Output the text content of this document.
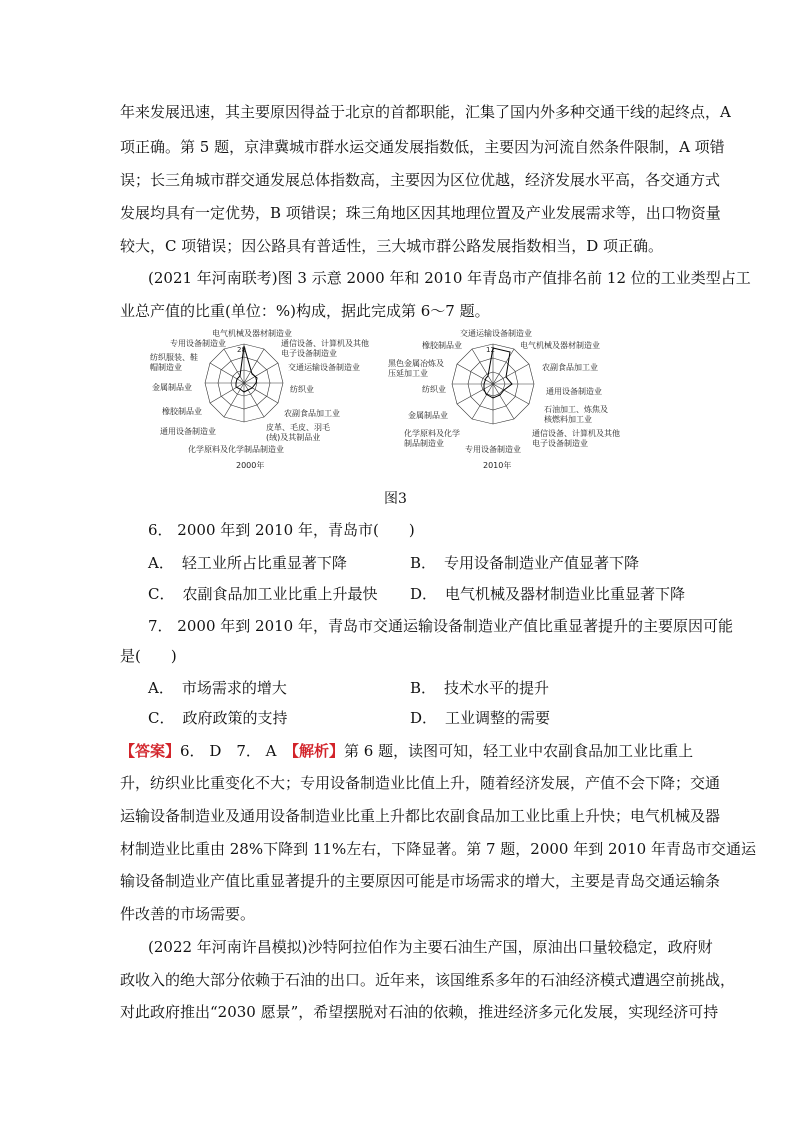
年来发展迅速，其主要原因得益于北京的首都职能，汇集了国内外多种交通干线的起终点，A
项正确。第 5 题，京津冀城市群水运交通发展指数低，主要因为河流自然条件限制，A 项错
误；长三角城市群交通发展总体指数高，主要因为区位优越，经济发展水平高，各交通方式
发展均具有一定优势，B 项错误；珠三角地区因其地理位置及产业发展需求等，出口物资量
较大，C 项错误；因公路具有普适性，三大城市群公路发展指数相当，D 项正确。
(2021 年河南联考)图 3 示意 2000 年和 2010 年青岛市产值排名前 12 位的工业类型占工
业总产值的比重(单位：%)构成，据此完成第 6～7 题。
28
电气机械及器材制造业
通信设备、计算机及其他
电子设备制造业
交通运输设备制造业
纺织业
农副食品加工业
皮革、毛皮、羽毛
(绒)及其制品业
化学原料及化学制品制造业
通用设备制造业
橡胶制品业
金属制品业
纺织服装、鞋
帽制造业
专用设备制造业
2000年
12
交通运输设备制造业
电气机械及器材制造业
农副食品加工业
通用设备制造业
石油加工、炼焦及
核燃料加工业
通信设备、计算机及其他
电子设备制造业
专用设备制造业
化学原料及化学
制品制造业
金属制品业
纺织业
黑色金属冶炼及
压延加工业
橡胶制品业
2010年
图3
6． 2000 年到 2010 年，青岛市(　　)
A． 轻工业所占比重显著下降	B． 专用设备制造业产值显著下降
C． 农副食品加工业比重上升最快 D． 电气机械及器材制造业比重显著下降
7． 2000 年到 2010 年，青岛市交通运输设备制造业产值比重显著提升的主要原因可能
是(　　)
A． 市场需求的增大	B． 技术水平的提升
C． 政府政策的支持	D． 工业调整的需要
【答案】6． D　7． A　【解析】第 6 题，读图可知，轻工业中农副食品加工业比重上
升，纺织业比重变化不大；专用设备制造业比值上升，随着经济发展，产值不会下降；交通
运输设备制造业及通用设备制造业比重上升都比农副食品加工业比重上升快；电气机械及器
材制造业比重由 28%下降到 11%左右，下降显著。第 7 题，2000 年到 2010 年青岛市交通运
输设备制造业产值比重显著提升的主要原因可能是市场需求的增大，主要是青岛交通运输条
件改善的市场需要。
(2022 年河南许昌模拟)沙特阿拉伯作为主要石油生产国，原油出口量较稳定，政府财
政收入的绝大部分依赖于石油的出口。近年来，该国维系多年的石油经济模式遭遇空前挑战，
对此政府推出“2030 愿景”，希望摆脱对石油的依赖，推进经济多元化发展，实现经济可持
